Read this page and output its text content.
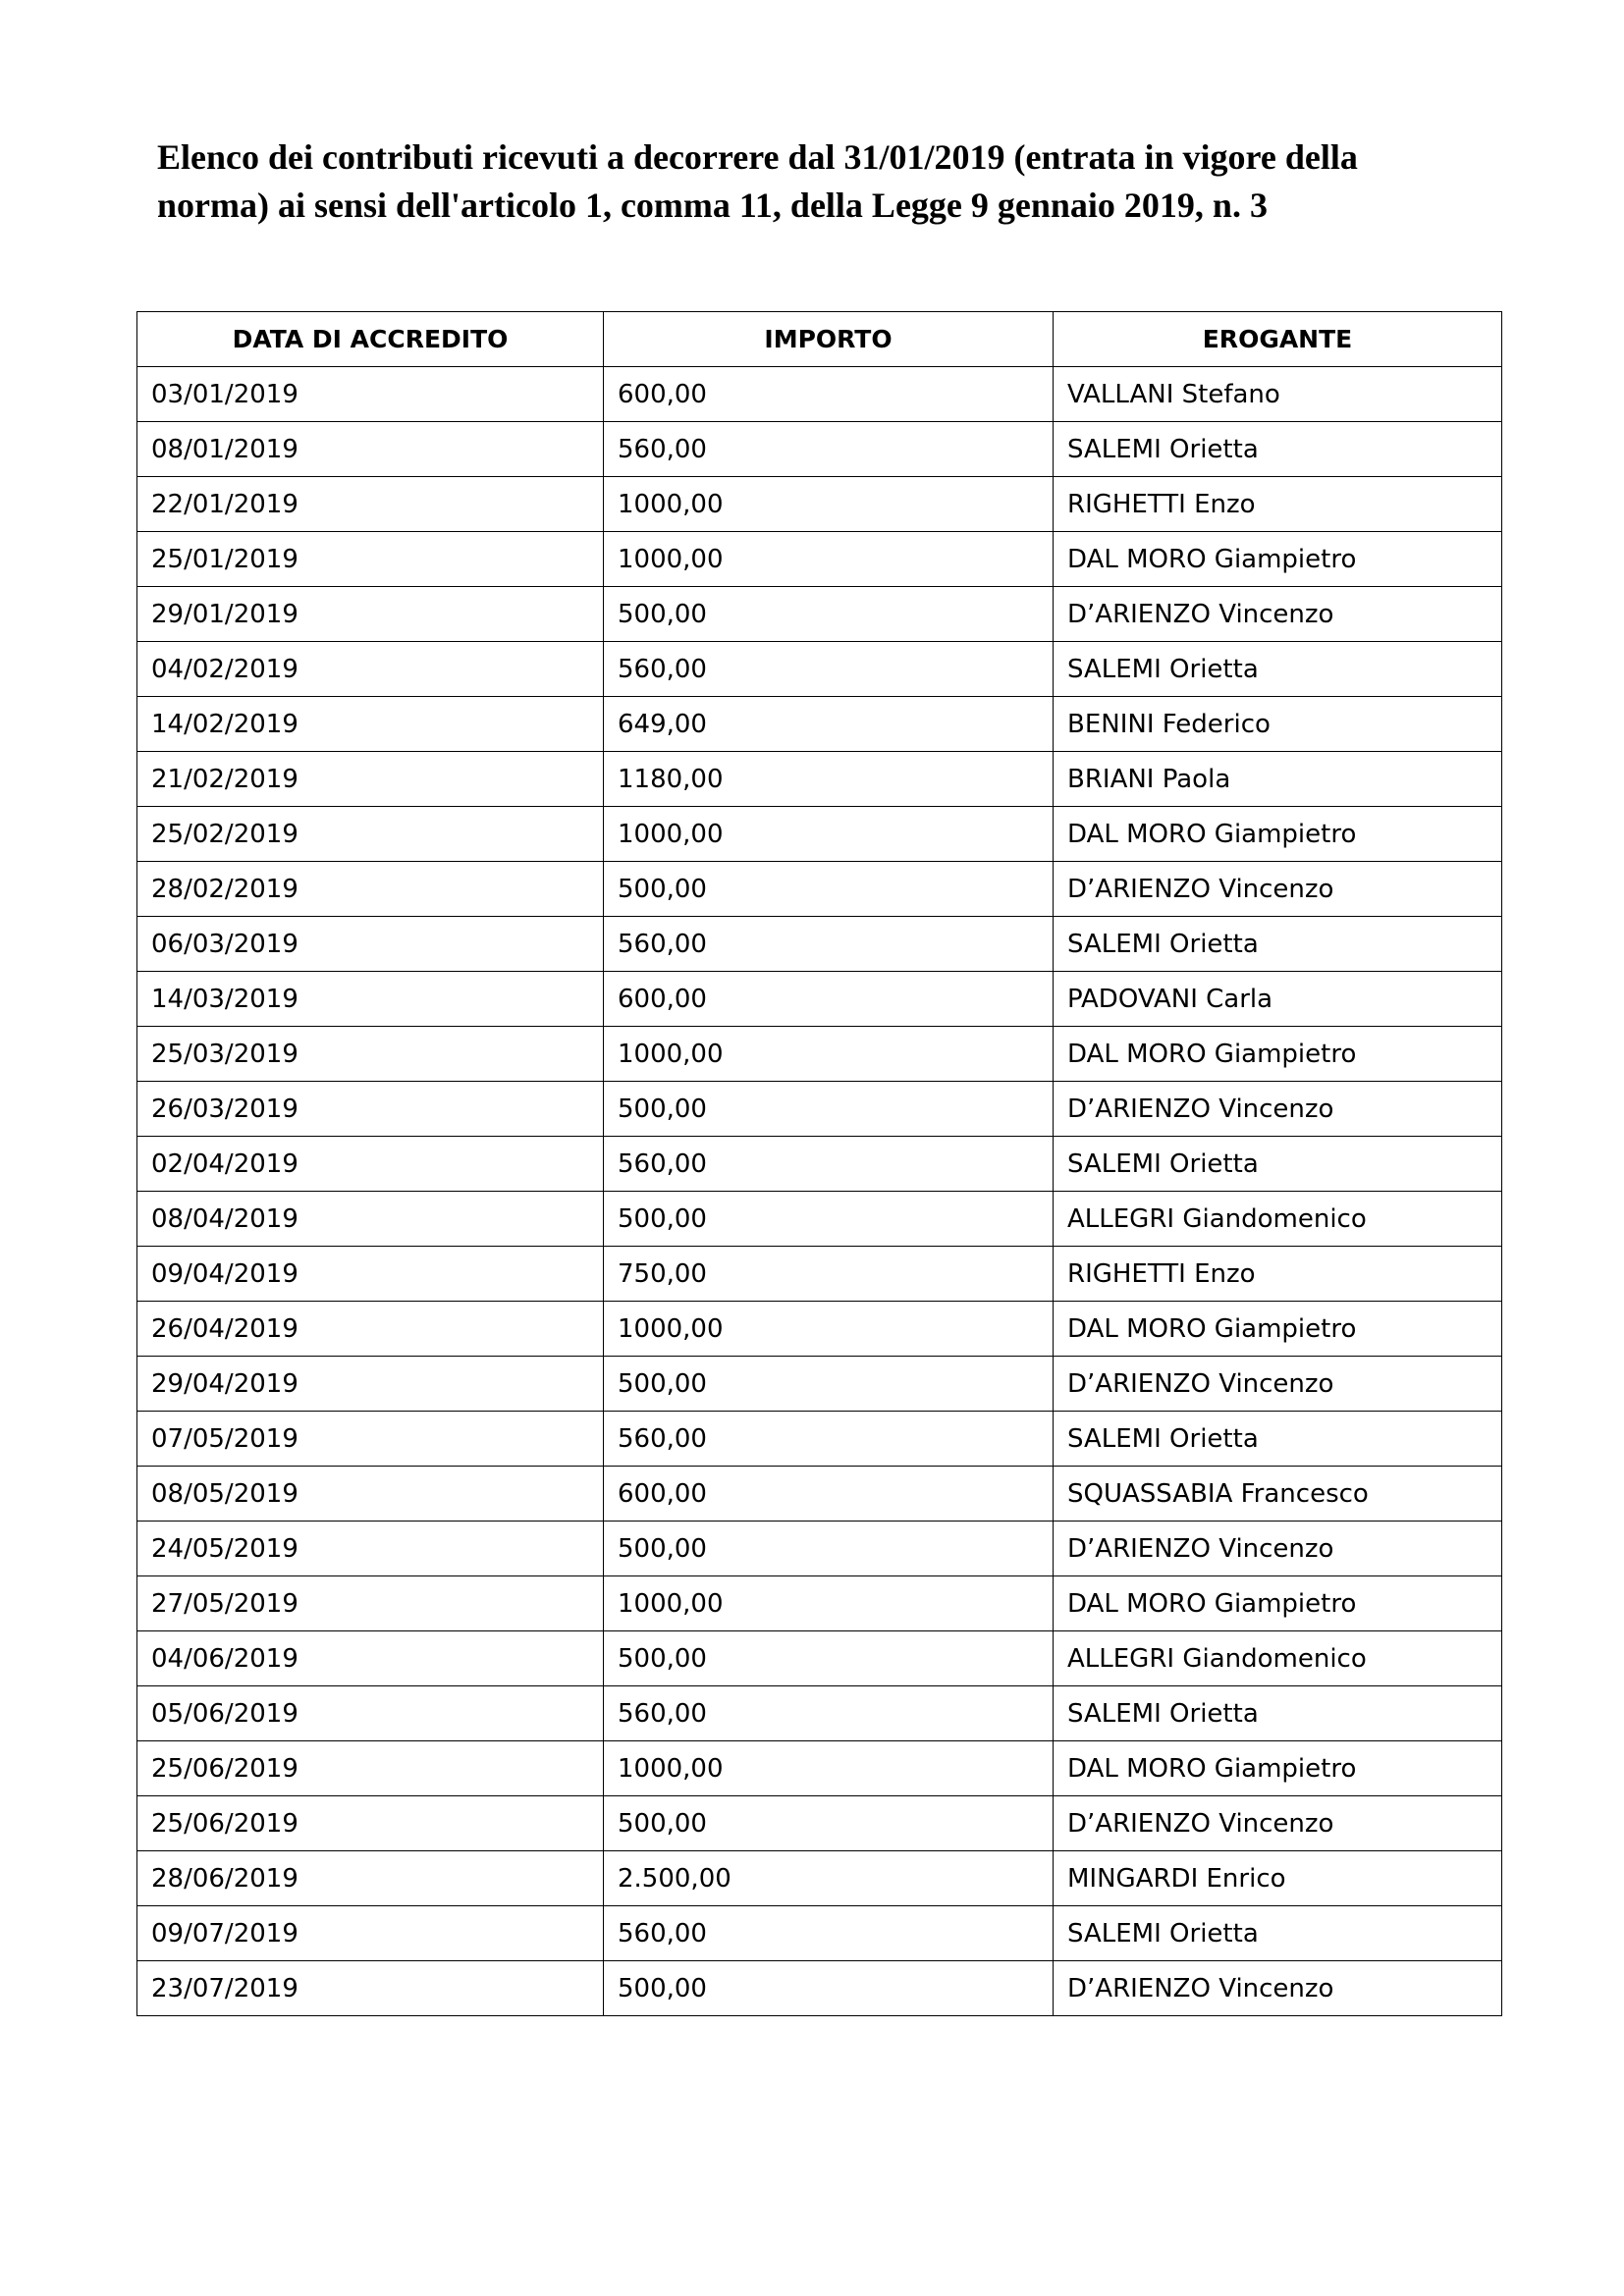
Elenco dei contributi ricevuti a decorrere dal 31/01/2019 (entrata in vigore della
norma) ai sensi dell'articolo 1, comma 11, della Legge 9 gennaio 2019, n. 3
DATA DI ACCREDITO	IMPORTO	EROGANTE
03/01/2019	600,00	VALLANI Stefano
08/01/2019	560,00	SALEMI Orietta
22/01/2019	1000,00	RIGHETTI Enzo
25/01/2019	1000,00	DAL MORO Giampietro
29/01/2019	500,00	D’ARIENZO Vincenzo
04/02/2019	560,00	SALEMI Orietta
14/02/2019	649,00	BENINI Federico
21/02/2019	1180,00	BRIANI Paola
25/02/2019	1000,00	DAL MORO Giampietro
28/02/2019	500,00	D’ARIENZO Vincenzo
06/03/2019	560,00	SALEMI Orietta
14/03/2019	600,00	PADOVANI Carla
25/03/2019	1000,00	DAL MORO Giampietro
26/03/2019	500,00	D’ARIENZO Vincenzo
02/04/2019	560,00	SALEMI Orietta
08/04/2019	500,00	ALLEGRI Giandomenico
09/04/2019	750,00	RIGHETTI Enzo
26/04/2019	1000,00	DAL MORO Giampietro
29/04/2019	500,00	D’ARIENZO Vincenzo
07/05/2019	560,00	SALEMI Orietta
08/05/2019	600,00	SQUASSABIA Francesco
24/05/2019	500,00	D’ARIENZO Vincenzo
27/05/2019	1000,00	DAL MORO Giampietro
04/06/2019	500,00	ALLEGRI Giandomenico
05/06/2019	560,00	SALEMI Orietta
25/06/2019	1000,00	DAL MORO Giampietro
25/06/2019	500,00	D’ARIENZO Vincenzo
28/06/2019	2.500,00	MINGARDI Enrico
09/07/2019	560,00	SALEMI Orietta
23/07/2019	500,00	D’ARIENZO Vincenzo
